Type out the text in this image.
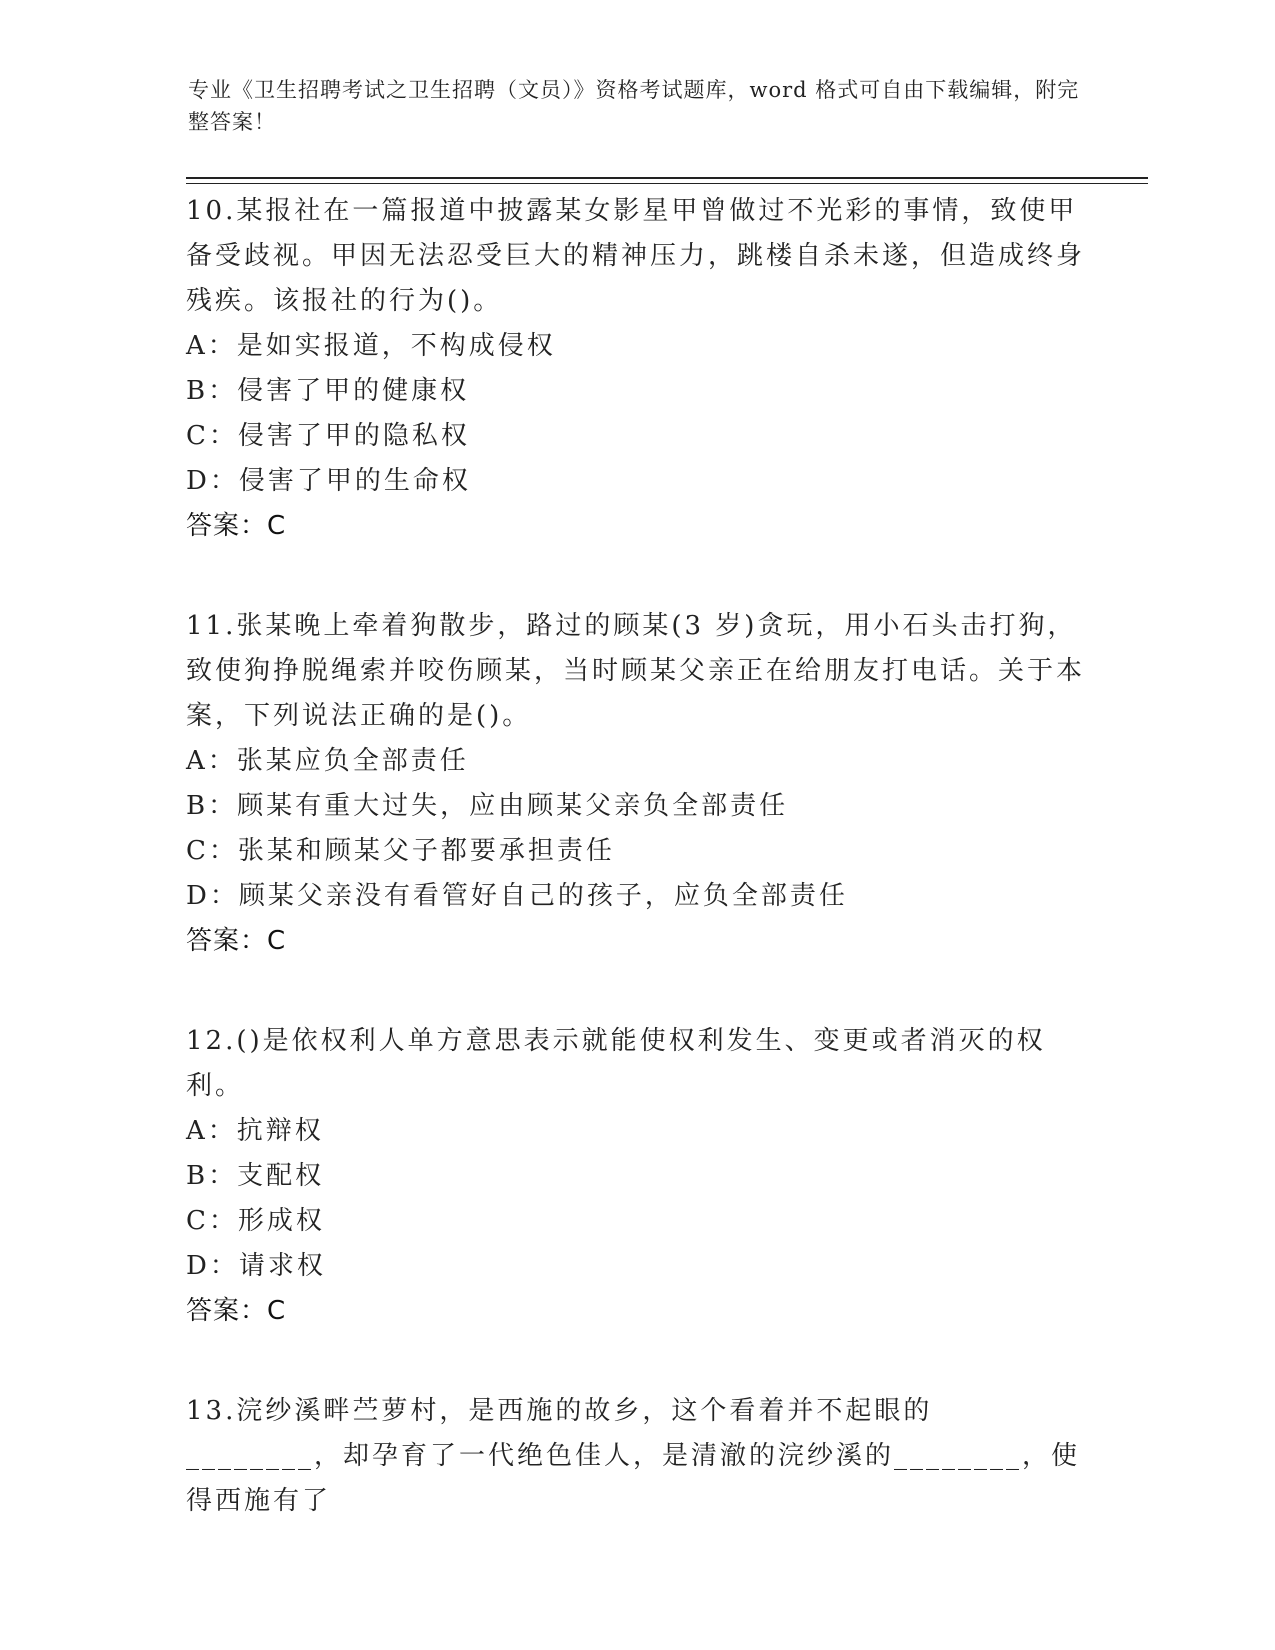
专业《卫生招聘考试之卫生招聘（文员）》资格考试题库，word 格式可自由下载编辑，附完整答案！

10.某报社在一篇报道中披露某女影星甲曾做过不光彩的事情，致使甲备受歧视。甲因无法忍受巨大的精神压力，跳楼自杀未遂，但造成终身残疾。该报社的行为()。

A：是如实报道，不构成侵权

B：侵害了甲的健康权

C：侵害了甲的隐私权

D：侵害了甲的生命权

答案：C

11.张某晚上牵着狗散步，路过的顾某(3 岁)贪玩，用小石头击打狗，致使狗挣脱绳索并咬伤顾某，当时顾某父亲正在给朋友打电话。关于本案，下列说法正确的是()。

A：张某应负全部责任

B：顾某有重大过失，应由顾某父亲负全部责任

C：张某和顾某父子都要承担责任

D：顾某父亲没有看管好自己的孩子，应负全部责任

答案：C

12.()是依权利人单方意思表示就能使权利发生、变更或者消灭的权利。

A：抗辩权

B：支配权

C：形成权

D：请求权

答案：C

13.浣纱溪畔苎萝村，是西施的故乡，这个看着并不起眼的________，却孕育了一代绝色佳人，是清澈的浣纱溪的________，使得西施有了
